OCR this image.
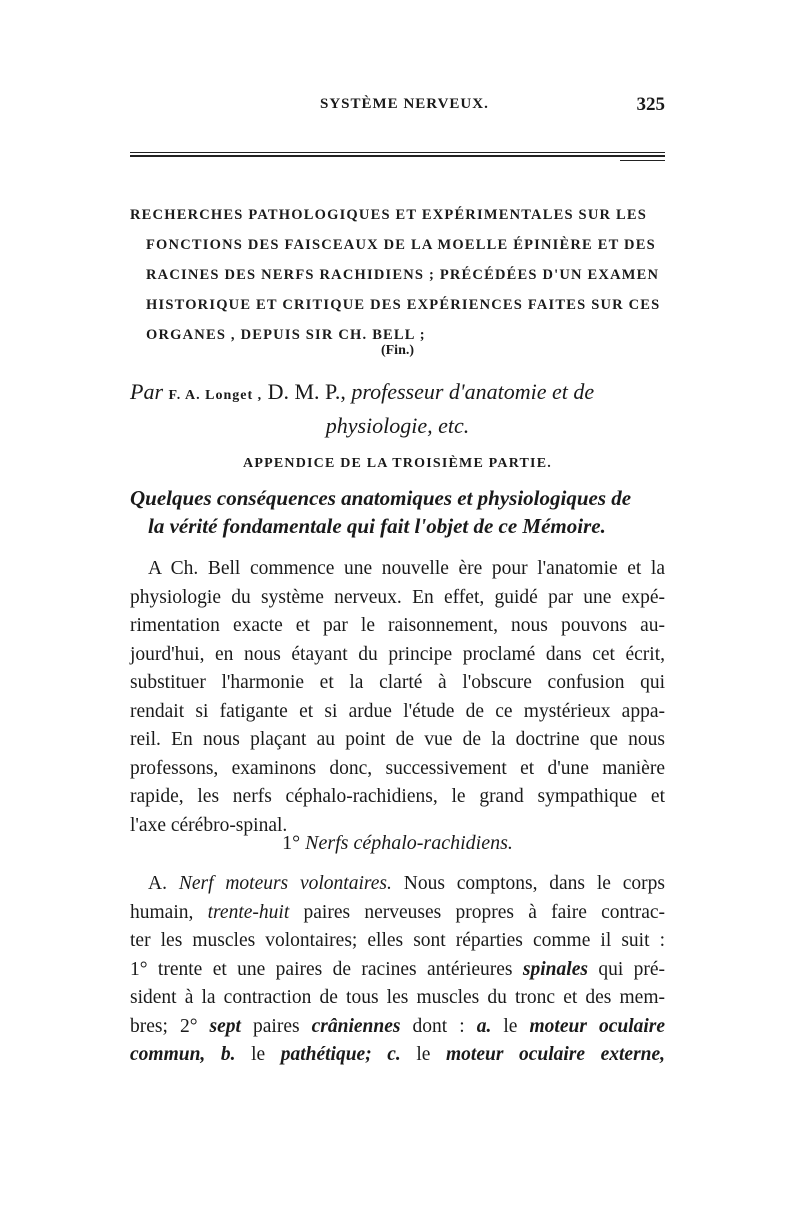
SYSTÈME NERVEUX.	325
RECHERCHES PATHOLOGIQUES ET EXPÉRIMENTALES SUR LES
FONCTIONS DES FAISCEAUX DE LA MOELLE ÉPINIÈRE ET DES
RACINES DES NERFS RACHIDIENS ; PRÉCÉDÉES D'UN EXAMEN
HISTORIQUE ET CRITIQUE DES EXPÉRIENCES FAITES SUR CES
ORGANES , DEPUIS SIR CH. BELL ;
(Fin.)
Par F. A. Longet , D. M. P., professeur d'anatomie et de
physiologie, etc.
APPENDICE DE LA TROISIÈME PARTIE.
Quelques conséquences anatomiques et physiologiques de
la vérité fondamentale qui fait l'objet de ce Mémoire.
A Ch. Bell commence une nouvelle ère pour l'anatomie et la
physiologie du système nerveux. En effet, guidé par une expé-
rimentation exacte et par le raisonnement, nous pouvons au-
jourd'hui, en nous étayant du principe proclamé dans cet écrit,
substituer l'harmonie et la clarté à l'obscure confusion qui
rendait si fatigante et si ardue l'étude de ce mystérieux appa-
reil. En nous plaçant au point de vue de la doctrine que nous
professons, examinons donc, successivement et d'une manière
rapide, les nerfs céphalo-rachidiens, le grand sympathique et
l'axe cérébro-spinal.
1° Nerfs céphalo-rachidiens.
A. Nerf moteurs volontaires. Nous comptons, dans le corps
humain, trente-huit paires nerveuses propres à faire contrac-
ter les muscles volontaires; elles sont réparties comme il suit :
1° trente et une paires de racines antérieures spinales qui pré-
sident à la contraction de tous les muscles du tronc et des mem-
bres; 2° sept paires crâniennes dont : a. le moteur oculaire
commun, b. le pathétique; c. le moteur oculaire externe,
